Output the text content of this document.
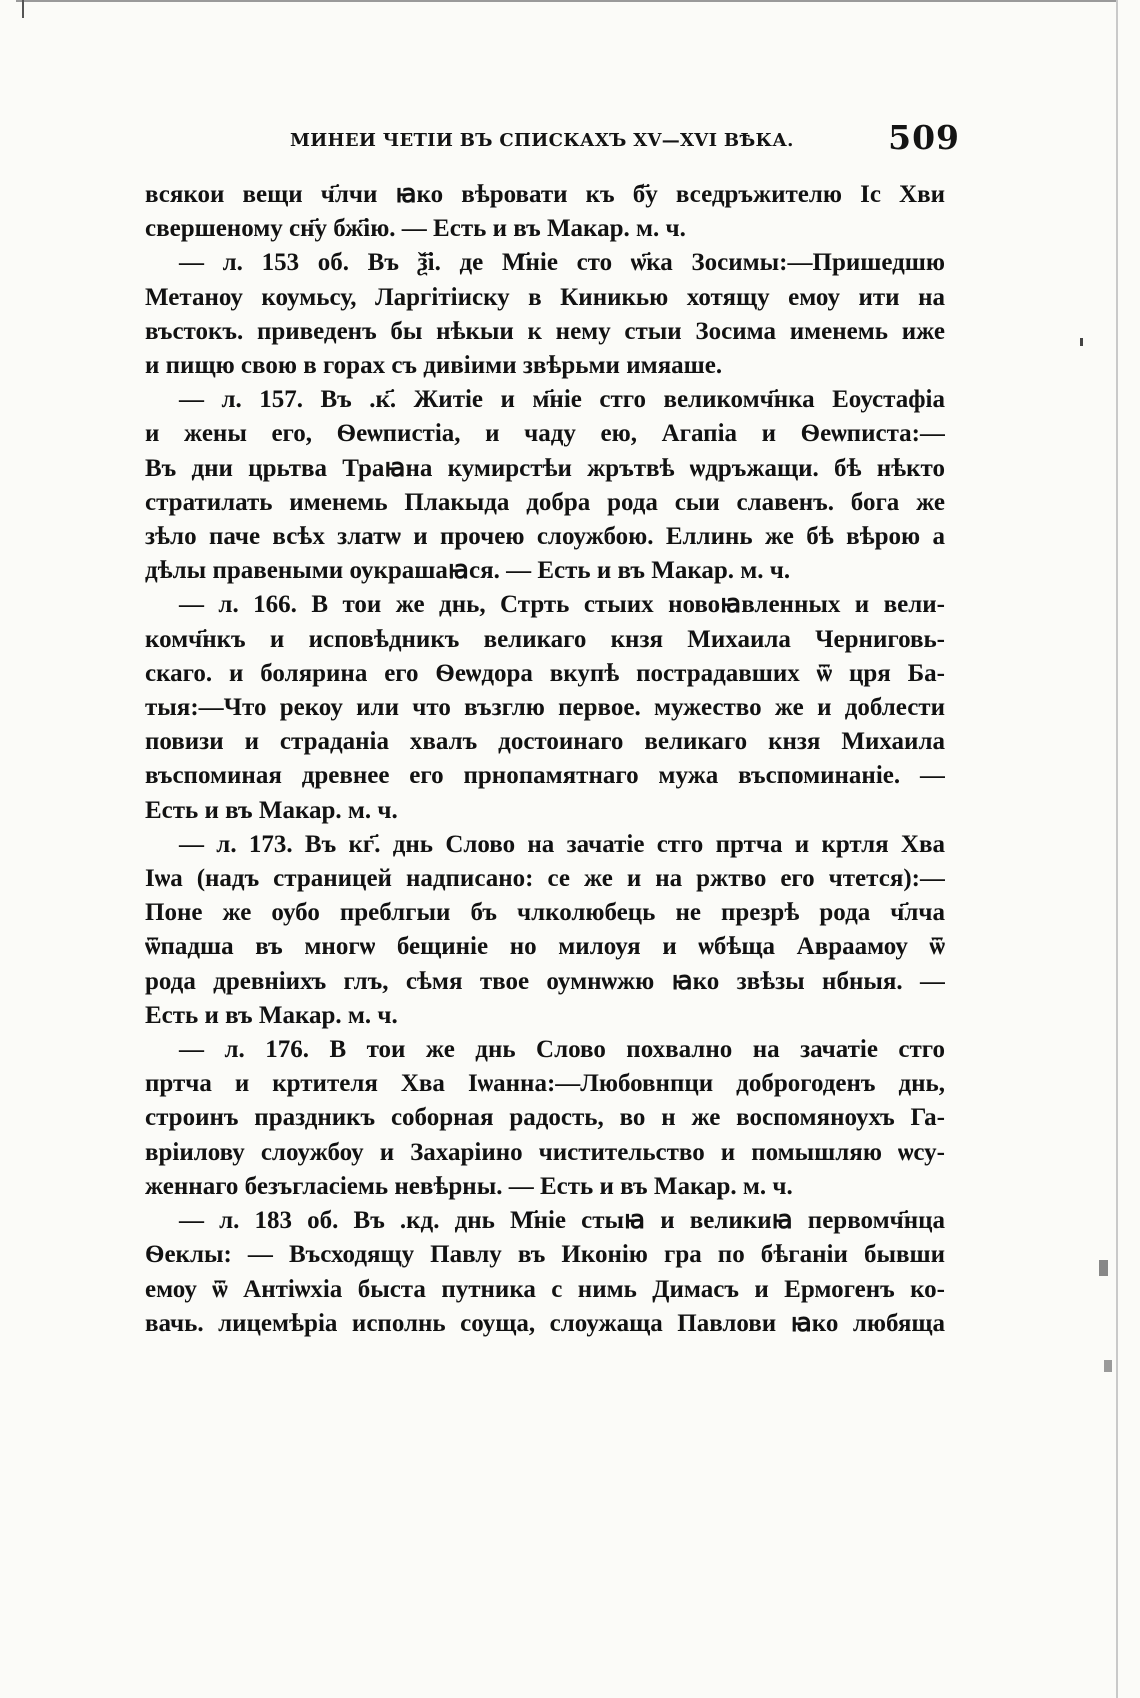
МИНЕИ ЧЕТІИ ВЪ СПИСКАХЪ XV—XVI ВѢКА.	509

всякои вещи ч҃лчи ꙗко вѣровати къ б҃у вседръжителю Іс Хви
свершеному сн҃у бж҃ію. — Есть и въ Макар. м. ч.

— л. 153 об. Въ ѯ҃і. де М҃ніе сто ѡ҃ка Зосимы:—Пришедшю
Метаноу коумьсу, Ларгітіиску в Киникью хотящу емоу ити на
въстокъ. приведенъ бы нѣкыи к нему стыи Зосима именемь иже
и пищю свою в горах съ дивіими звѣрьми имяаше.

— л. 157. Въ .к҃. Житіе и м҃ніе стго великомч҃нка Еоустафіа
и жены его, Ѳеѡпистіа, и чаду ею, Агапіа и Ѳеѡписта:—
Въ дни црьтва Траꙗна кумирстѣи жрътвѣ ѡдръжащи. бѣ нѣкто
стратилать именемь Плакыда добра рода сыи славенъ. бога же
зѣло паче всѣх златѡ и прочею слоужбою. Еллинь же бѣ вѣрою а
дѣлы правеными оукрашаꙗся. — Есть и въ Макар. м. ч.

— л. 166. В тои же днь, Стрть стыих новоꙗвленных и вели-
комч҃нкъ и исповѣдникъ великаго кнзя Михаила Черниговь-
скаго. и болярина его Ѳеѡдора вкупѣ пострадавших ѿ цря Ба-
тыя:—Что рекоу или что възглю первое. мужество же и доблести
повизи и страданіа хвалъ достоинаго великаго кнзя Михаила
въспоминая древнее его прнопамятнаго мужа въспоминаніе. —
Есть и въ Макар. м. ч.

— л. 173. Въ кг҃. днь Слово на зачатіе стго пртча и кртля Хва
Іѡа (надъ страницей надписано: се же и на ржтво его чтется):—
Поне же оубо преблгыи бъ члколюбець не презрѣ рода ч҃лча
ѿпадша въ многѡ бещиніе но милоуя и ѡбѣща Авраамоу ѿ
рода древніихъ глъ, сѣмя твое оумнѡжю ꙗко звѣзы нбныя. —
Есть и въ Макар. м. ч.

— л. 176. В тои же днь Слово похвално на зачатіе стго
пртча и кртителя Хва Іѡанна:—Любовнпци доброгоденъ днь,
строинъ праздникъ соборная радость, во н же воспомяноухъ Га-
вріилову слоужбоу и Захаріино чиститeльство и помышляю ѡсу-
женнаго безъгласіемь невѣрны. — Есть и въ Макар. м. ч.

— л. 183 об. Въ .кд. днь М҃ніе стыꙗ и великиꙗ первомч҃нца
Ѳеклы: — Въсходящу Павлу въ Иконію гра по бѣганіи бывши
емоу ѿ Антіѡхіа быста путника с нимь Димасъ и Ермогенъ ко-
вачь. лицемѣріа исполнь соуща, слоужаща Павлови ꙗко любяща
